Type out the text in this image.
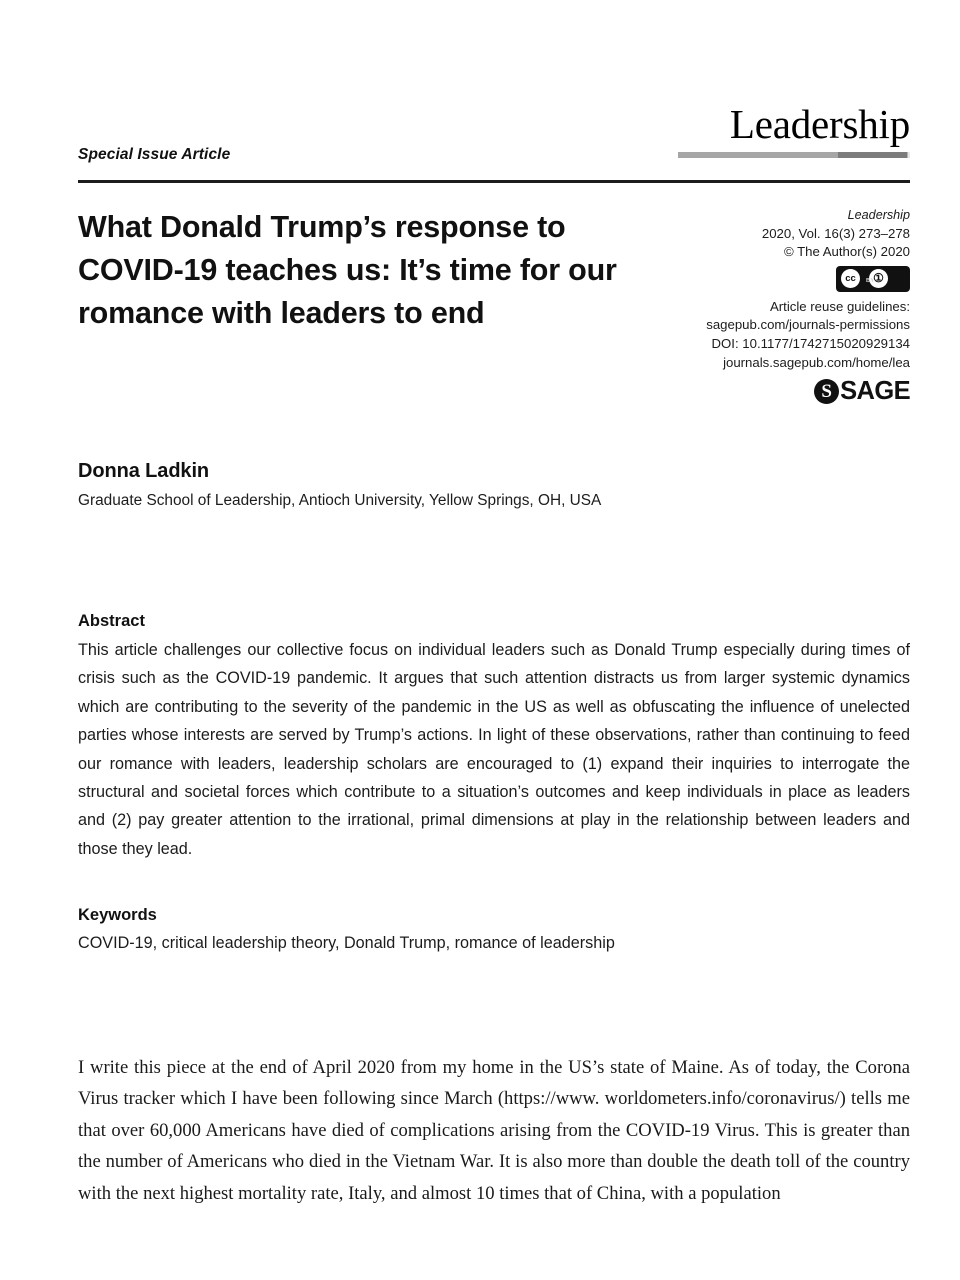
Special Issue Article
Leadership
What Donald Trump’s response to COVID-19 teaches us: It’s time for our romance with leaders to end
Leadership
2020, Vol. 16(3) 273–278
© The Author(s) 2020
cc	①
BY
Article reuse guidelines:
sagepub.com/journals-permissions
DOI: 10.1177/1742715020929134
journals.sagepub.com/home/lea
S SAGE

Donna Ladkin

Graduate School of Leadership, Antioch University, Yellow Springs, OH, USA

Abstract

This article challenges our collective focus on individual leaders such as Donald Trump especially during times of crisis such as the COVID-19 pandemic. It argues that such attention distracts us from larger systemic dynamics which are contributing to the severity of the pandemic in the US as well as obfuscating the influence of unelected parties whose interests are served by Trump’s actions. In light of these observations, rather than continuing to feed our romance with leaders, leadership scholars are encouraged to (1) expand their inquiries to interrogate the structural and societal forces which contribute to a situation’s outcomes and keep individuals in place as leaders and (2) pay greater attention to the irrational, primal dimensions at play in the relationship between leaders and those they lead.

Keywords

COVID-19, critical leadership theory, Donald Trump, romance of leadership

I write this piece at the end of April 2020 from my home in the US’s state of Maine. As of today, the Corona Virus tracker which I have been following since March (https://www. worldometers.info/coronavirus/) tells me that over 60,000 Americans have died of complications arising from the COVID-19 Virus. This is greater than the number of Americans who died in the Vietnam War. It is also more than double the death toll of the country with the next highest mortality rate, Italy, and almost 10 times that of China, with a population
